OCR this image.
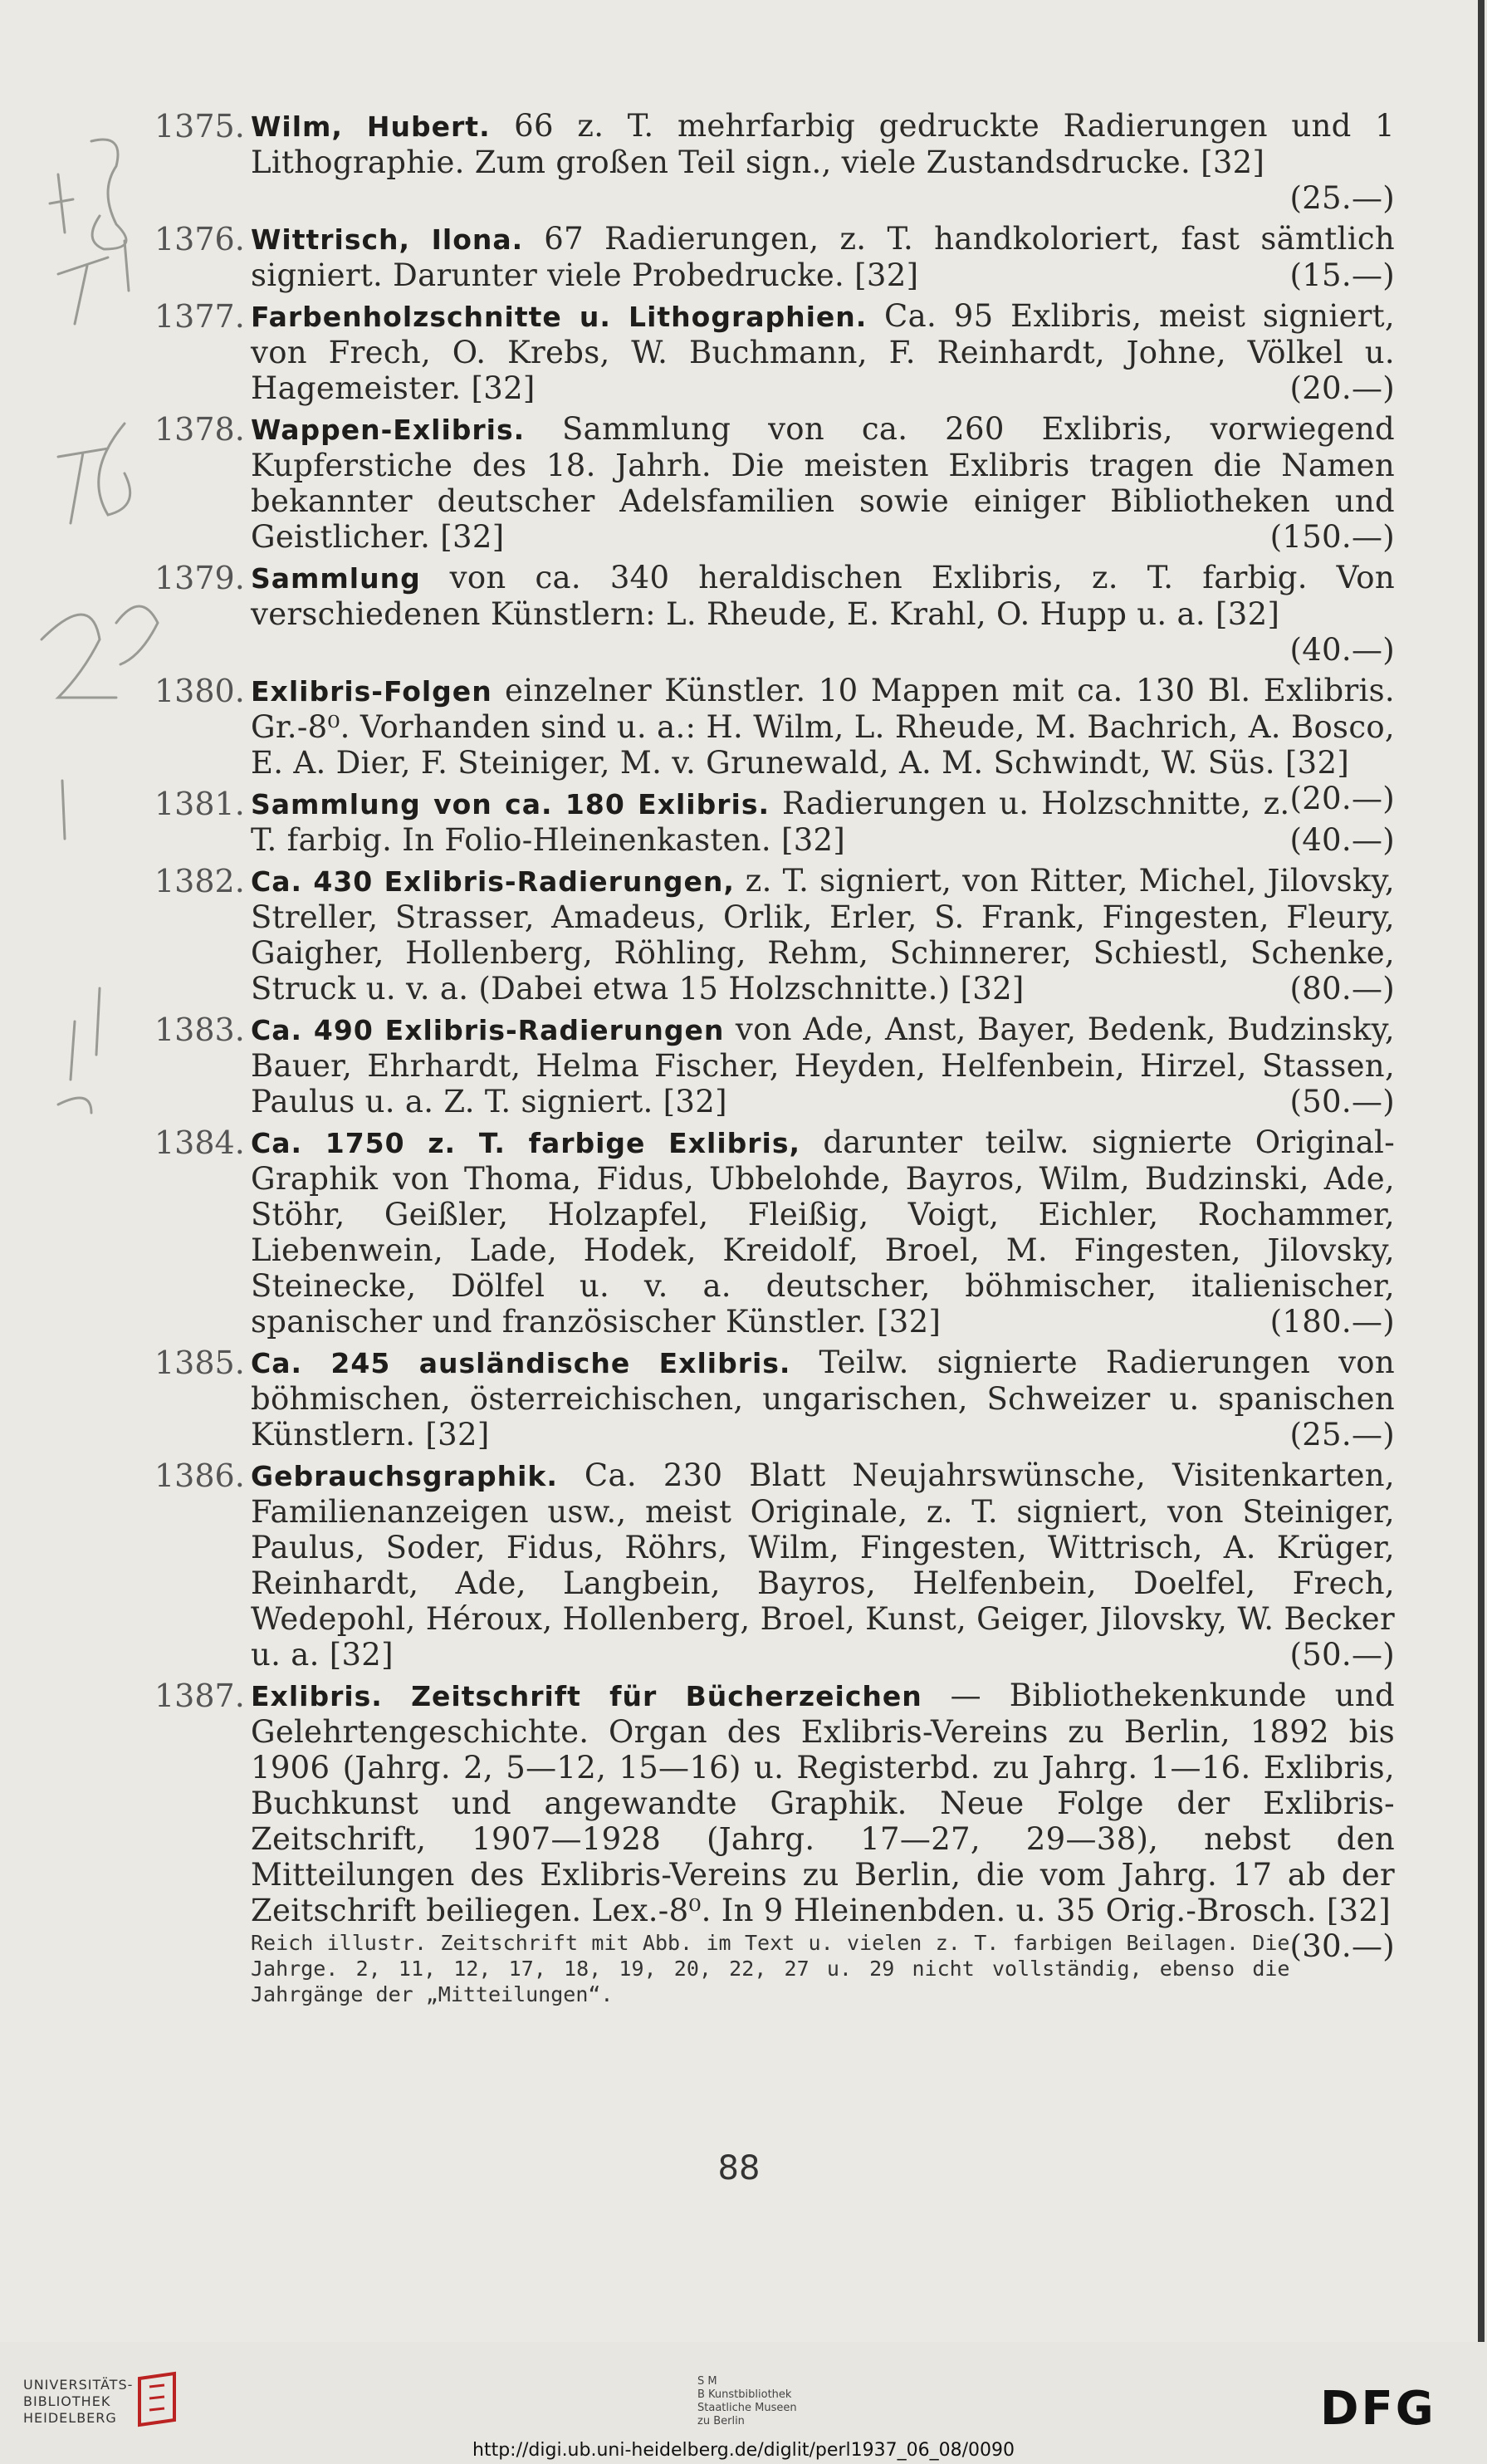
1375. Wilm, Hubert. 66 z. T. mehrfarbig gedruckte Radierungen und 1 Lithographie. Zum großen Teil sign., viele Zustandsdrucke. [32]
(25.—)
1376. Wittrisch, Ilona. 67 Radierungen, z. T. handkoloriert, fast sämtlich signiert. Darunter viele Probedrucke. [32]	(15.—)
1377. Farbenholzschnitte u. Lithographien. Ca. 95 Exlibris, meist signiert, von Frech, O. Krebs, W. Buchmann, F. Reinhardt, Johne, Völkel u. Hagemeister. [32]	(20.—)
1378. Wappen-Exlibris. Sammlung von ca. 260 Exlibris, vorwiegend Kupferstiche des 18. Jahrh. Die meisten Exlibris tragen die Namen bekannter deutscher Adelsfamilien sowie einiger Bibliotheken und Geistlicher. [32]	(150.—)
1379. Sammlung von ca. 340 heraldischen Exlibris, z. T. farbig. Von verschiedenen Künstlern: L. Rheude, E. Krahl, O. Hupp u. a. [32]
(40.—)
1380. Exlibris-Folgen einzelner Künstler. 10 Mappen mit ca. 130 Bl. Exlibris. Gr.-8⁰. Vorhanden sind u. a.: H. Wilm, L. Rheude, M. Bachrich, A. Bosco, E. A. Dier, F. Steiniger, M. v. Grunewald, A. M. Schwindt, W. Süs. [32]
(20.—)
1381. Sammlung von ca. 180 Exlibris. Radierungen u. Holzschnitte, z. T. farbig. In Folio-Hleinenkasten. [32]	(40.—)
1382. Ca. 430 Exlibris-Radierungen, z. T. signiert, von Ritter, Michel, Jilovsky, Streller, Strasser, Amadeus, Orlik, Erler, S. Frank, Fingesten, Fleury, Gaigher, Hollenberg, Röhling, Rehm, Schinnerer, Schiestl, Schenke, Struck u. v. a. (Dabei etwa 15 Holzschnitte.) [32]	(80.—)
1383. Ca. 490 Exlibris-Radierungen von Ade, Anst, Bayer, Bedenk, Budzinsky, Bauer, Ehrhardt, Helma Fischer, Heyden, Helfenbein, Hirzel, Stassen, Paulus u. a. Z. T. signiert. [32]	(50.—)
1384. Ca. 1750 z. T. farbige Exlibris, darunter teilw. signierte Original-Graphik von Thoma, Fidus, Ubbelohde, Bayros, Wilm, Budzinski, Ade, Stöhr, Geißler, Holzapfel, Fleißig, Voigt, Eichler, Rochammer, Liebenwein, Lade, Hodek, Kreidolf, Broel, M. Fingesten, Jilovsky, Steinecke, Dölfel u. v. a. deutscher, böhmischer, italienischer, spanischer und französischer Künstler. [32]	(180.—)
1385. Ca. 245 ausländische Exlibris. Teilw. signierte Radierungen von böhmischen, österreichischen, ungarischen, Schweizer u. spanischen Künstlern. [32]	(25.—)
1386. Gebrauchsgraphik. Ca. 230 Blatt Neujahrswünsche, Visitenkarten, Familienanzeigen usw., meist Originale, z. T. signiert, von Steiniger, Paulus, Soder, Fidus, Röhrs, Wilm, Fingesten, Wittrisch, A. Krüger, Reinhardt, Ade, Langbein, Bayros, Helfenbein, Doelfel, Frech, Wedepohl, Héroux, Hollenberg, Broel, Kunst, Geiger, Jilovsky, W. Becker u. a. [32]	(50.—)
1387. Exlibris. Zeitschrift für Bücherzeichen — Bibliothekenkunde und Gelehrtengeschichte. Organ des Exlibris-Vereins zu Berlin, 1892 bis 1906 (Jahrg. 2, 5—12, 15—16) u. Registerbd. zu Jahrg. 1—16. Exlibris, Buchkunst und angewandte Graphik. Neue Folge der Exlibris-Zeitschrift, 1907—1928 (Jahrg. 17—27, 29—38), nebst den Mitteilungen des Exlibris-Vereins zu Berlin, die vom Jahrg. 17 ab der Zeitschrift beiliegen. Lex.-8⁰. In 9 Hleinenbden. u. 35 Orig.-Brosch. [32]
(30.—)
Reich illustr. Zeitschrift mit Abb. im Text u. vielen z. T. farbigen Beilagen. Die Jahrge. 2, 11, 12, 17, 18, 19, 20, 22, 27 u. 29 nicht vollständig, ebenso die Jahrgänge der „Mitteilungen“.
88
UNIVERSITÄTS-
BIBLIOTHEK
HEIDELBERG
S M
B Kunstbibliothek
Staatliche Museen
zu Berlin	DFG
http://digi.ub.uni-heidelberg.de/diglit/perl1937_06_08/0090
